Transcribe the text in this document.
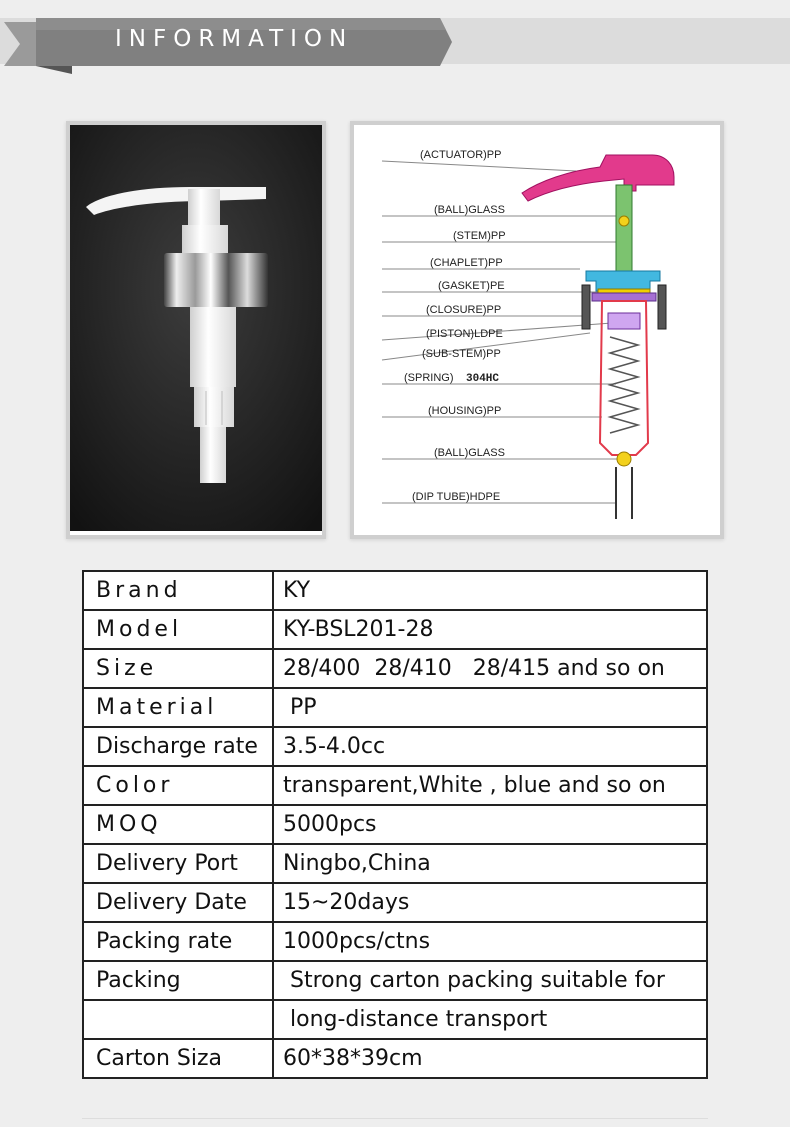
INFORMATION
(ACTUATOR)PP
(BALL)GLASS
(STEM)PP
(CHAPLET)PP
(GASKET)PE
(CLOSURE)PP
(PISTON)LDPE
(SUB-STEM)PP
(SPRING) 304HC
(HOUSING)PP
(BALL)GLASS
(DIP TUBE)HDPE
Brand	KY
Model	KY-BSL201-28
Size	28/400  28/410   28/415 and so on
Material	PP
Discharge rate	3.5-4.0cc
Color	transparent,White , blue and so on
MOQ	5000pcs
Delivery Port	Ningbo,China
Delivery Date	15~20days
Packing rate	1000pcs/ctns
Packing	Strong carton packing suitable for
	long-distance transport
Carton Siza	60*38*39cm
